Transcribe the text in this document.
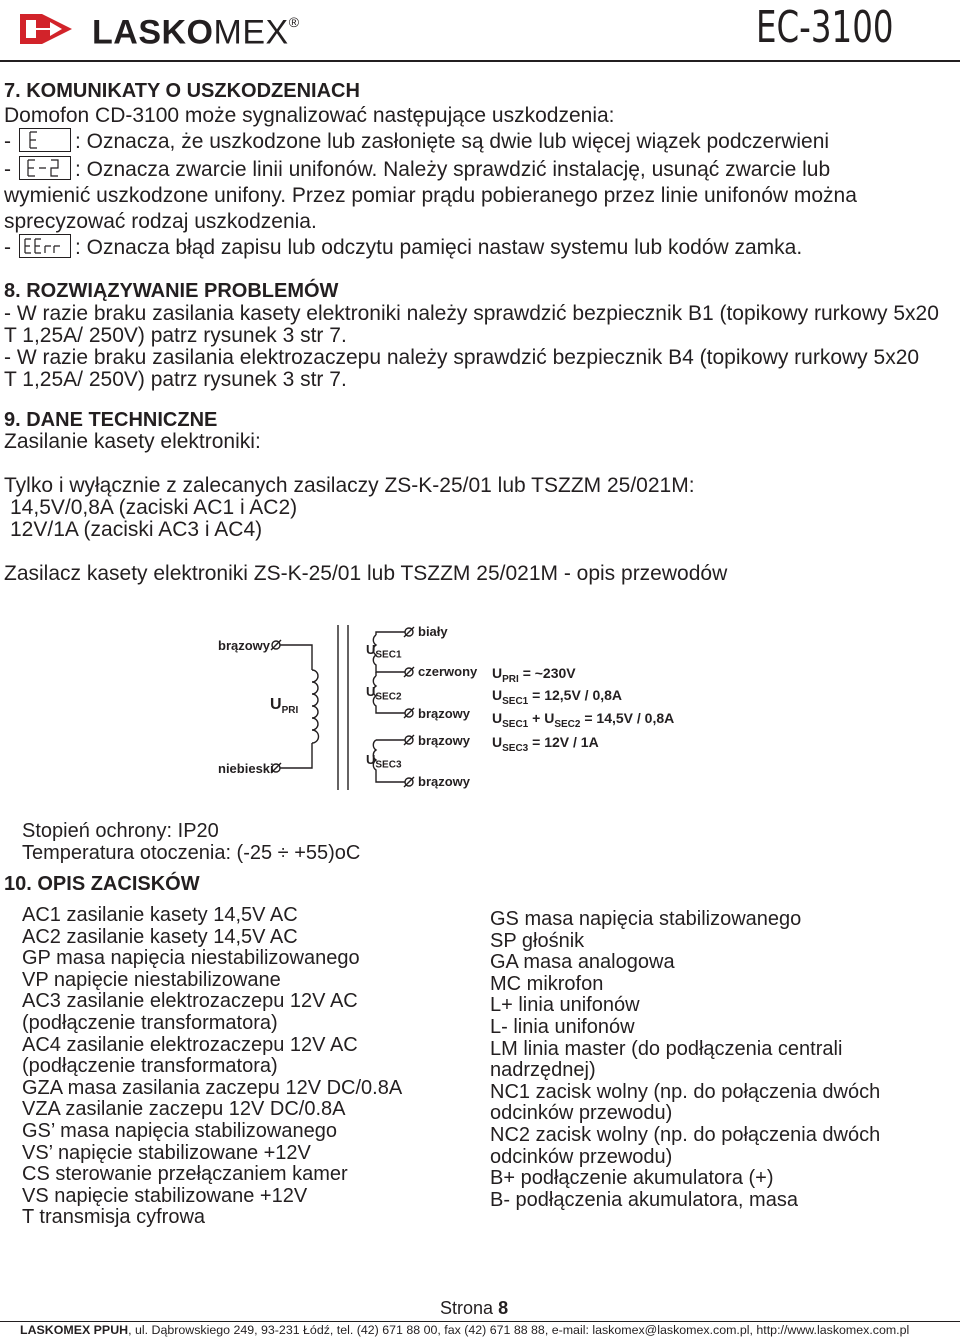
LASKOMEX®	EC-3100
7. KOMUNIKATY O USZKODZENIACH
Domofon CD-3100 może sygnalizować następujące uszkodzenia:
-	: Oznacza, że uszkodzone lub zasłonięte są dwie lub więcej wiązek podczerwieni
-	: Oznacza zwarcie linii unifonów. Należy sprawdzić instalację, usunąć zwarcie lub
wymienić uszkodzone unifony. Przez pomiar prądu pobieranego przez linie unifonów można
sprecyzować rodzaj uszkodzenia.
-	: Oznacza błąd zapisu lub odczytu pamięci nastaw systemu lub kodów zamka.
8. ROZWIĄZYWANIE PROBLEMÓW
- W razie braku zasilania kasety elektroniki należy sprawdzić bezpiecznik B1 (topikowy rurkowy 5x20
T 1,25A/ 250V) patrz rysunek 3 str 7.
- W razie braku zasilania elektrozaczepu należy sprawdzić bezpiecznik B4 (topikowy rurkowy 5x20
T 1,25A/ 250V) patrz rysunek 3 str 7.
9. DANE TECHNICZNE
Zasilanie kasety elektroniki:
Tylko i wyłącznie z zalecanych zasilaczy ZS-K-25/01 lub TSZZM 25/021M:
14,5V/0,8A (zaciski AC1 i AC2)
12V/1A (zaciski AC3 i AC4)
Zasilacz kasety elektroniki ZS-K-25/01 lub TSZZM 25/021M - opis przewodów
brązowy
niebieski
$U_{PRI}$
$U_{SEC1}$
$U_{SEC2}$
$U_{SEC3}$
biały
czerwony
brązowy
brązowy
brązowy
$U_{PRI}$ = ~230V
$U_{SEC1} = 12,5V / 0,8A$
$U_{SEC1} + U_{SEC2} = 14,5V / 0,8A$
$U_{SEC3} = 12V / 1A$
Stopień ochrony: IP20
Temperatura otoczenia: (-25 ÷ +55)oC
10. OPIS ZACISKÓW
AC1 zasilanie kasety 14,5V AC
AC2 zasilanie kasety 14,5V AC
GP masa napięcia niestabilizowanego
VP napięcie niestabilizowane
AC3 zasilanie elektrozaczepu 12V AC
(podłączenie transformatora)
AC4 zasilanie elektrozaczepu 12V AC
(podłączenie transformatora)
GZA masa zasilania zaczepu 12V DC/0.8A
VZA zasilanie zaczepu 12V DC/0.8A
GS’ masa napięcia stabilizowanego
VS’ napięcie stabilizowane +12V
CS sterowanie przełączaniem kamer
VS napięcie stabilizowane +12V
T transmisja cyfrowa
GS masa napięcia stabilizowanego
SP głośnik
GA masa analogowa
MC mikrofon
L+ linia unifonów
L- linia unifonów
LM linia master (do podłączenia centrali
nadrzędnej)
NC1 zacisk wolny (np. do połączenia dwóch
odcinków przewodu)
NC2 zacisk wolny (np. do połączenia dwóch
odcinków przewodu)
B+ podłączenie akumulatora (+)
B- podłączenia akumulatora, masa
Strona 8
LASKOMEX PPUH, ul. Dąbrowskiego 249, 93-231 Łódź, tel. (42) 671 88 00, fax (42) 671 88 88, e-mail: laskomex@laskomex.com.pl, http://www.laskomex.com.pl
